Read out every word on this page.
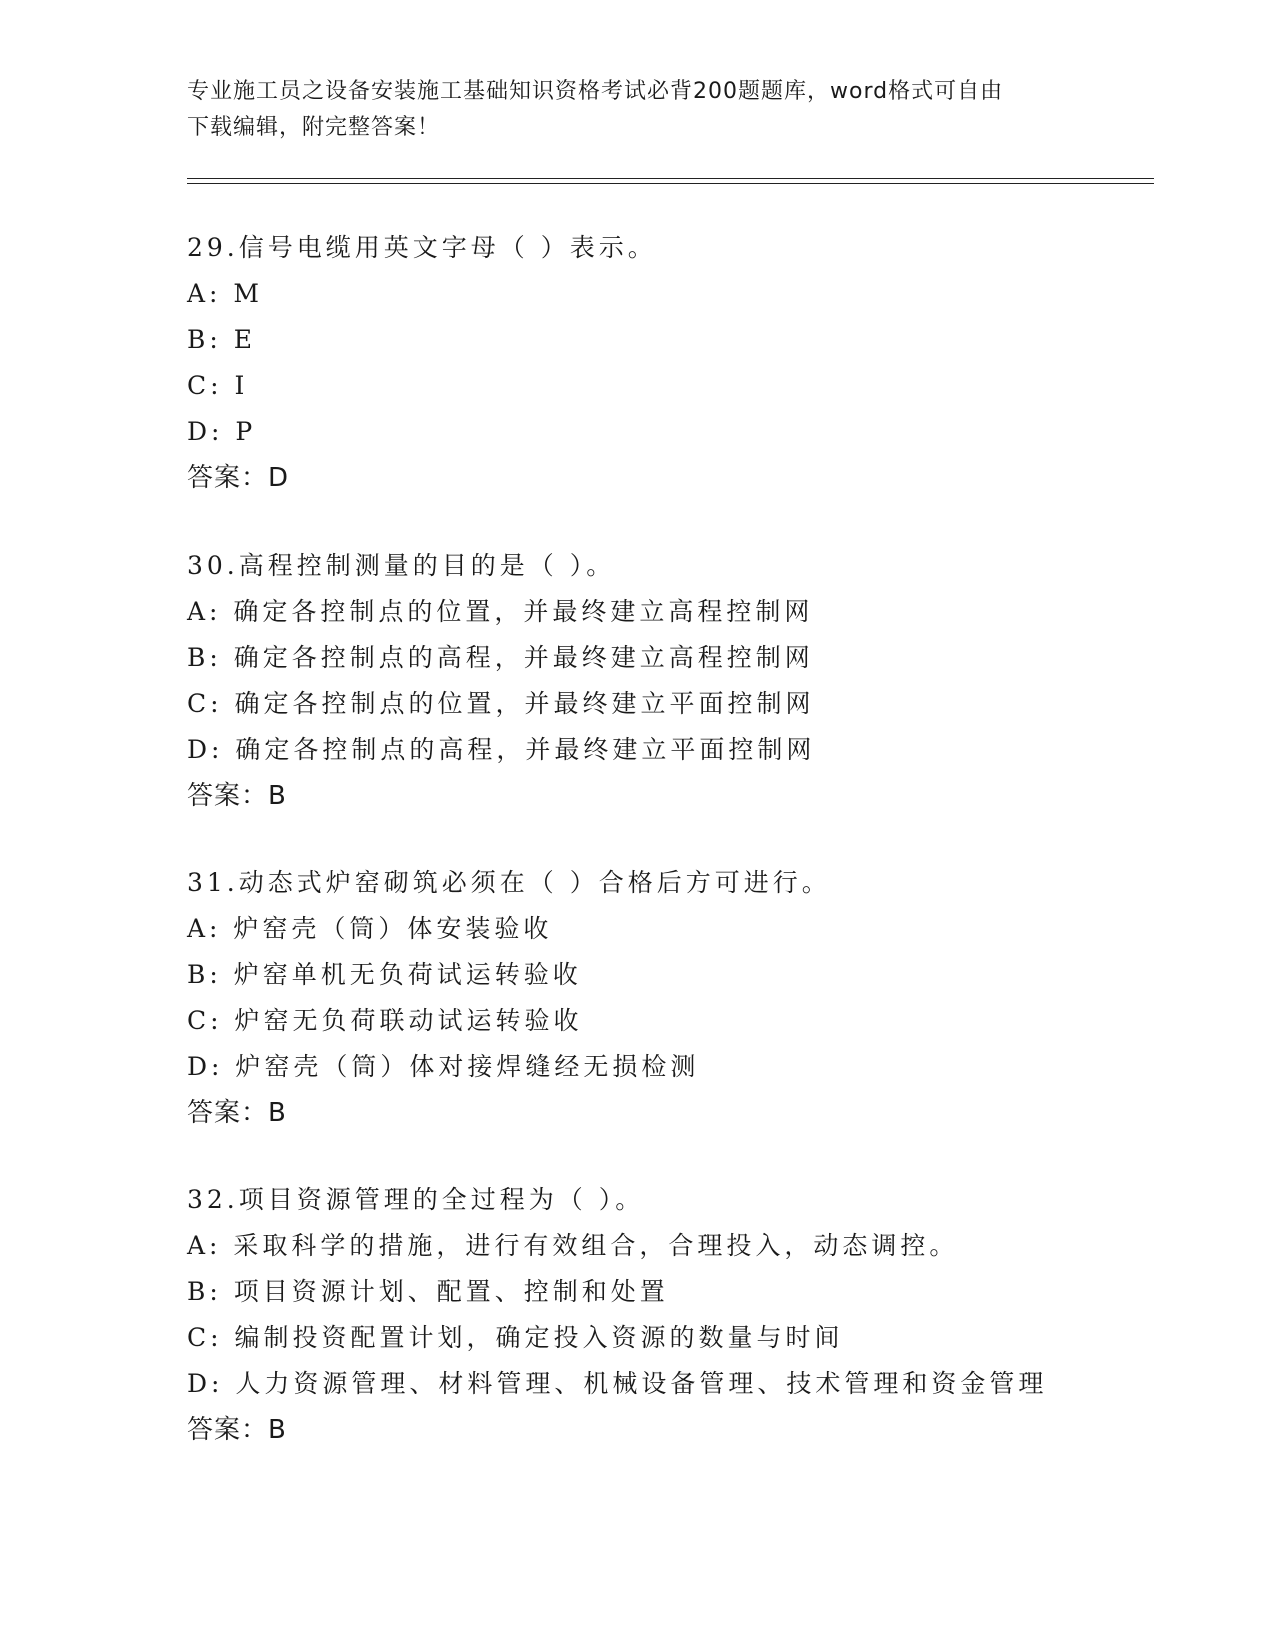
专业施工员之设备安装施工基础知识资格考试必背200题题库，word格式可自由
下载编辑，附完整答案！
29.信号电缆用英文字母（ ）表示。
A: M
B: E
C: I
D: P
答案：D
30.高程控制测量的目的是（ ）。
A: 确定各控制点的位置，并最终建立高程控制网
B: 确定各控制点的高程，并最终建立高程控制网
C: 确定各控制点的位置，并最终建立平面控制网
D: 确定各控制点的高程，并最终建立平面控制网
答案：B
31.动态式炉窑砌筑必须在（ ）合格后方可进行。
A: 炉窑壳（筒）体安装验收
B: 炉窑单机无负荷试运转验收
C: 炉窑无负荷联动试运转验收
D: 炉窑壳（筒）体对接焊缝经无损检测
答案：B
32.项目资源管理的全过程为（ ）。
A: 采取科学的措施，进行有效组合，合理投入，动态调控。
B: 项目资源计划、配置、控制和处置
C: 编制投资配置计划，确定投入资源的数量与时间
D: 人力资源管理、材料管理、机械设备管理、技术管理和资金管理
答案：B
